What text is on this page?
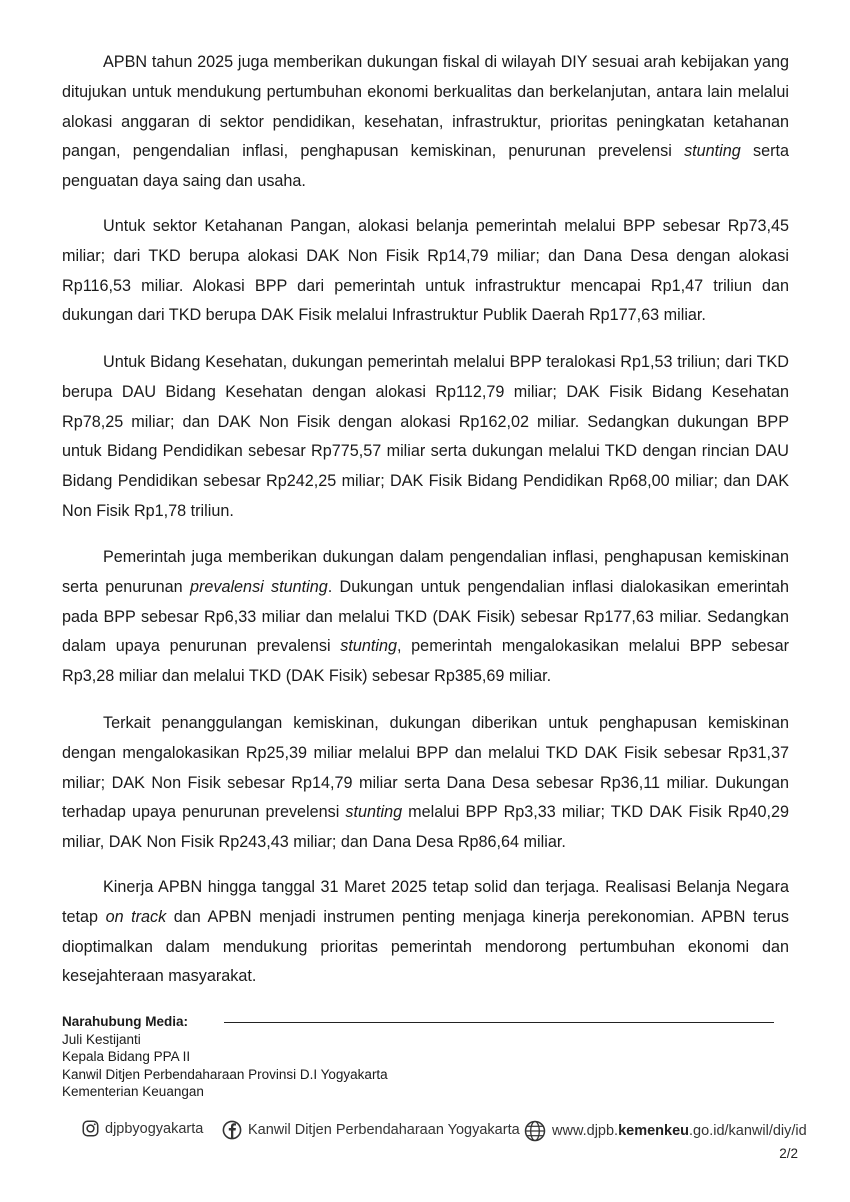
APBN tahun 2025 juga memberikan dukungan fiskal di wilayah DIY sesuai arah kebijakan yang ditujukan untuk mendukung pertumbuhan ekonomi berkualitas dan berkelanjutan, antara lain melalui alokasi anggaran di sektor pendidikan, kesehatan, infrastruktur, prioritas peningkatan ketahanan pangan, pengendalian inflasi, penghapusan kemiskinan, penurunan prevelensi stunting serta penguatan daya saing dan usaha.

Untuk sektor Ketahanan Pangan, alokasi belanja pemerintah melalui BPP sebesar Rp73,45 miliar; dari TKD berupa alokasi DAK Non Fisik Rp14,79 miliar; dan Dana Desa dengan alokasi Rp116,53 miliar. Alokasi BPP dari pemerintah untuk infrastruktur mencapai Rp1,47 triliun dan dukungan dari TKD berupa DAK Fisik melalui Infrastruktur Publik Daerah Rp177,63 miliar.

Untuk Bidang Kesehatan, dukungan pemerintah melalui BPP teralokasi Rp1,53 triliun; dari TKD berupa DAU Bidang Kesehatan dengan alokasi Rp112,79 miliar; DAK Fisik Bidang Kesehatan Rp78,25 miliar; dan DAK Non Fisik dengan alokasi Rp162,02 miliar. Sedangkan dukungan BPP untuk Bidang Pendidikan sebesar Rp775,57 miliar serta dukungan melalui TKD dengan rincian DAU Bidang Pendidikan sebesar Rp242,25 miliar; DAK Fisik Bidang Pendidikan Rp68,00 miliar; dan DAK Non Fisik Rp1,78 triliun.

Pemerintah juga memberikan dukungan dalam pengendalian inflasi, penghapusan kemiskinan serta penurunan prevalensi stunting. Dukungan untuk pengendalian inflasi dialokasikan emerintah pada BPP sebesar Rp6,33 miliar dan melalui TKD (DAK Fisik) sebesar Rp177,63 miliar. Sedangkan dalam upaya penurunan prevalensi stunting, pemerintah mengalokasikan melalui BPP sebesar Rp3,28 miliar dan melalui TKD (DAK Fisik) sebesar Rp385,69 miliar.

Terkait penanggulangan kemiskinan, dukungan diberikan untuk penghapusan kemiskinan dengan mengalokasikan Rp25,39 miliar melalui BPP dan melalui TKD DAK Fisik sebesar Rp31,37 miliar; DAK Non Fisik sebesar Rp14,79 miliar serta Dana Desa sebesar Rp36,11 miliar. Dukungan terhadap upaya penurunan prevelensi stunting melalui BPP Rp3,33 miliar; TKD DAK Fisik Rp40,29 miliar, DAK Non Fisik Rp243,43 miliar; dan Dana Desa Rp86,64 miliar.

Kinerja APBN hingga tanggal 31 Maret 2025 tetap solid dan terjaga. Realisasi Belanja Negara tetap on track dan APBN menjadi instrumen penting menjaga kinerja perekonomian. APBN terus dioptimalkan dalam mendukung prioritas pemerintah mendorong pertumbuhan ekonomi dan kesejahteraan masyarakat.

Narahubung Media:
Juli Kestijanti
Kepala Bidang PPA II
Kanwil Ditjen Perbendaharaan Provinsi D.I Yogyakarta
Kementerian Keuangan
djpbyogyakarta	Kanwil Ditjen Perbendaharaan Yogyakarta www.djpb.kemenkeu.go.id/kanwil/diy/id
2/2
